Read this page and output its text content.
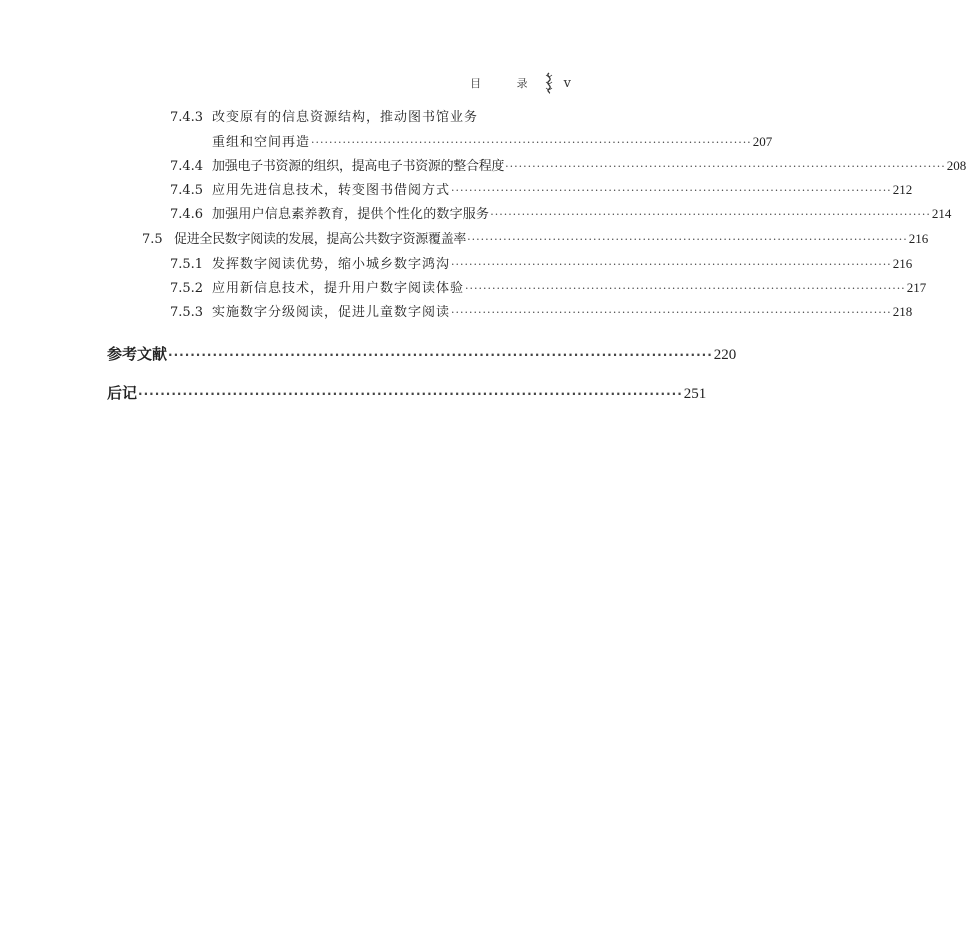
目 录 v
7.4.3 改变原有的信息资源结构，推动图书馆业务
重组和空间再造 ·································································································· 207
7.4.4 加强电子书资源的组织，提高电子书资源的整合程度 ·································································································· 208
7.4.5 应用先进信息技术，转变图书借阅方式 ·································································································· 212
7.4.6 加强用户信息素养教育，提供个性化的数字服务 ·································································································· 214
7.5 促进全民数字阅读的发展，提高公共数字资源覆盖率 ·································································································· 216
7.5.1 发挥数字阅读优势，缩小城乡数字鸿沟 ·································································································· 216
7.5.2 应用新信息技术，提升用户数字阅读体验 ·································································································· 217
7.5.3 实施数字分级阅读，促进儿童数字阅读 ·································································································· 218
参考文献 ·································································································· 220
后记 ·································································································· 251
